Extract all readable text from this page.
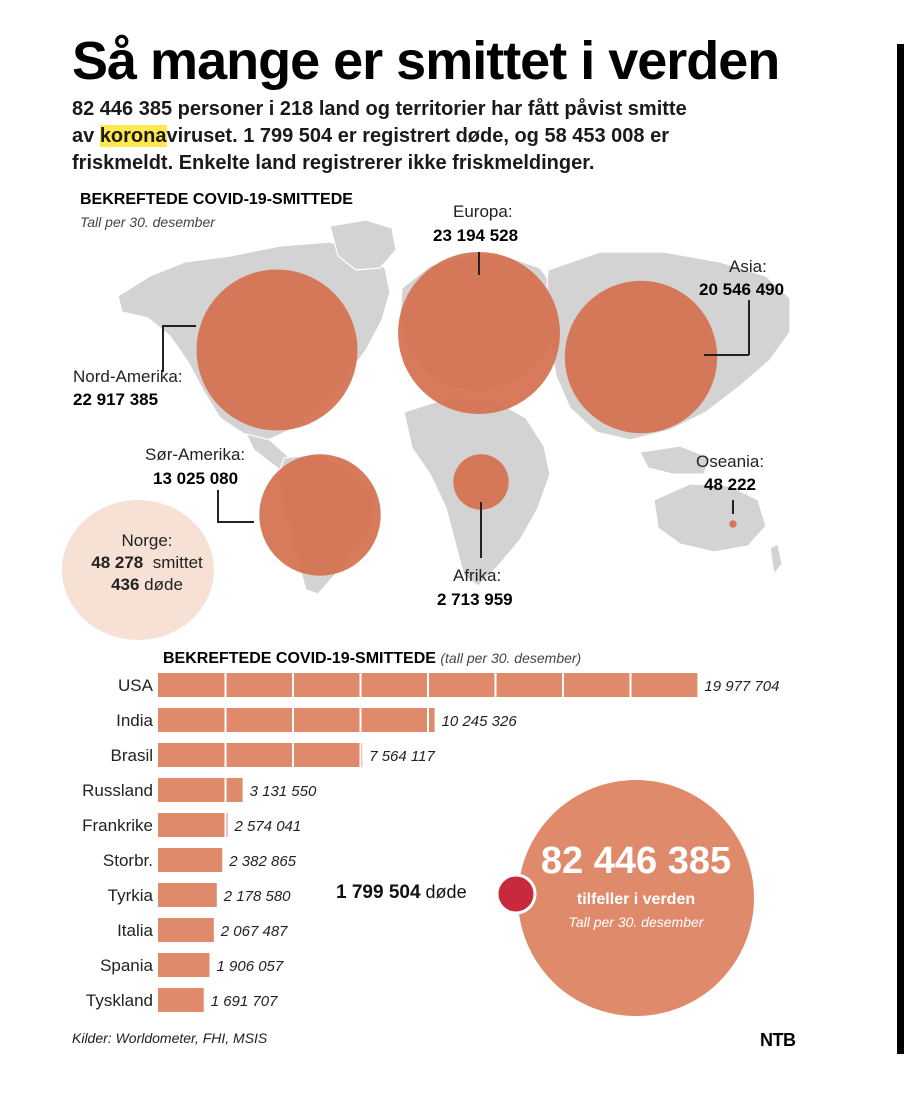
Så mange er smittet i verden
82 446 385 personer i 218 land og territorier har fått påvist smitte
av koronaviruset. 1 799 504 er registrert døde, og 58 453 008 er
friskmeldt. Enkelte land registrerer ikke friskmeldinger.
BEKREFTEDE COVID-19-SMITTEDE
Tall per 30. desember
Europa:
23 194 528
Asia:
20 546 490
Nord-Amerika:
22 917 385
Sør-Amerika:
13 025 080
Afrika:
2 713 959
Oseania:
48 222
Norge:
48 278 smittet
436 døde
BEKREFTEDE COVID-19-SMITTEDE (tall per 30. desember)
USA	19 977 704
India	10 245 326
Brasil	7 564 117
Russland	3 131 550
Frankrike	2 574 041
Storbr.	2 382 865
Tyrkia	2 178 580
Italia	2 067 487
Spania	1 906 057
Tyskland	1 691 707
1 799 504 døde
82 446 385
tilfeller i verden
Tall per 30. desember
Kilder: Worldometer, FHI, MSIS	NTB
